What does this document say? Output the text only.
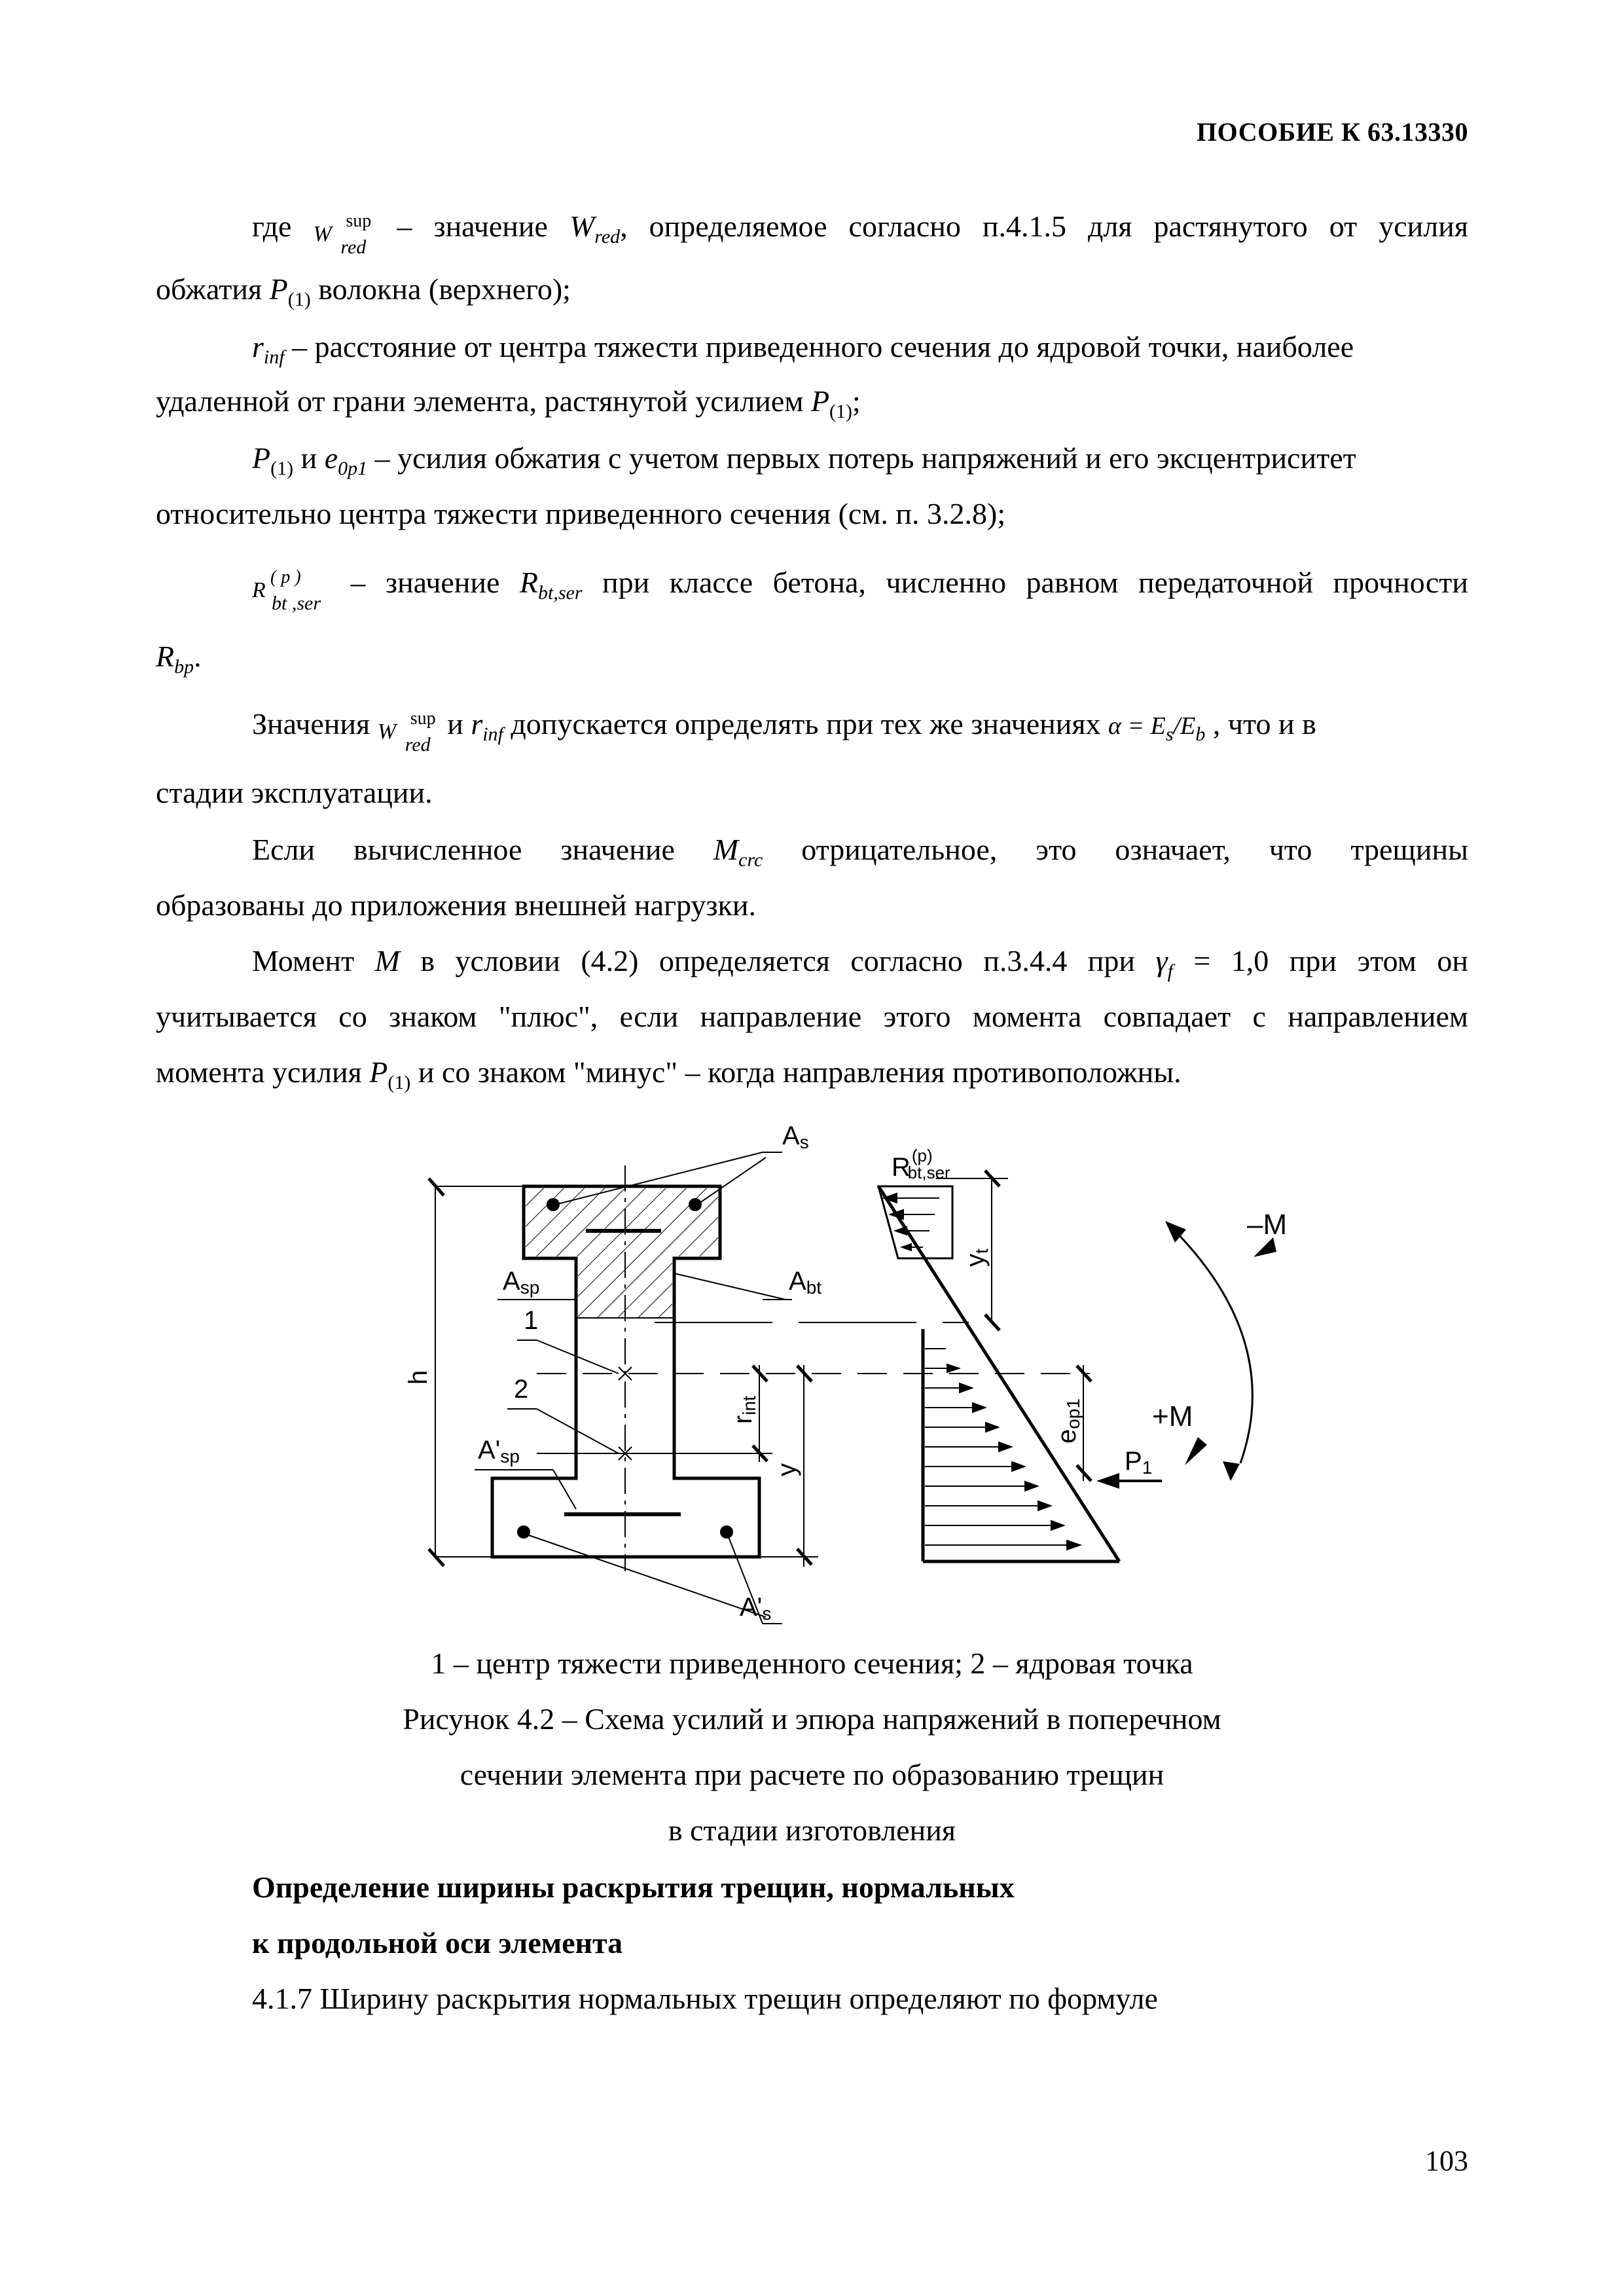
ПОСОБИЕ К 63.13330
где W
sup
red
– значение $W_{red}$, определяемое согласно п.4.1.5 для растянутого от усилия
обжатия $P_{(1)}$ волокна (верхнего);
$r_{inf}$ – расстояние от центра тяжести приведенного сечения до ядровой точки, наиболее
удаленной от грани элемента, растянутой усилием $P_{(1)}$;
$P_{(1)}$ и $e_{0p1}$ – усилия обжатия с учетом первых потерь напряжений и его эксцентриситет
относительно центра тяжести приведенного сечения (см. п. 3.2.8);
R
( p )
bt ,ser
– значение $R_{bt,ser}$ при классе бетона, численно равном передаточной прочности
$R_{bp}$.
Значения W
sup
red
и $r_{inf}$ допускается определять при тех же значениях $\alpha = E_s/E_b$ , что и в
стадии эксплуатации.
Если вычисленное значение $M_{crc}$ отрицательное, это означает, что трещины
образованы до приложения внешней нагрузки.
Момент M в условии (4.2) определяется согласно п.3.4.4 при $\gamma_f = 1,0$ при этом он
учитывается со знаком "плюс", если направление этого момента совпадает с направлением
момента усилия $P_{(1)}$ и со знаком "минус" – когда направления противоположны.
As
Asp	Abt
1
2
A'sp
A's
h
rint
y
$R^{(p)}$ bt,ser
yt
eop1
–M
+M
P1
1 – центр тяжести приведенного сечения; 2 – ядровая точка
Рисунок 4.2 – Схема усилий и эпюра напряжений в поперечном
сечении элемента при расчете по образованию трещин
в стадии изготовления
Определение ширины раскрытия трещин, нормальных
к продольной оси элемента
4.1.7 Ширину раскрытия нормальных трещин определяют по формуле
103
